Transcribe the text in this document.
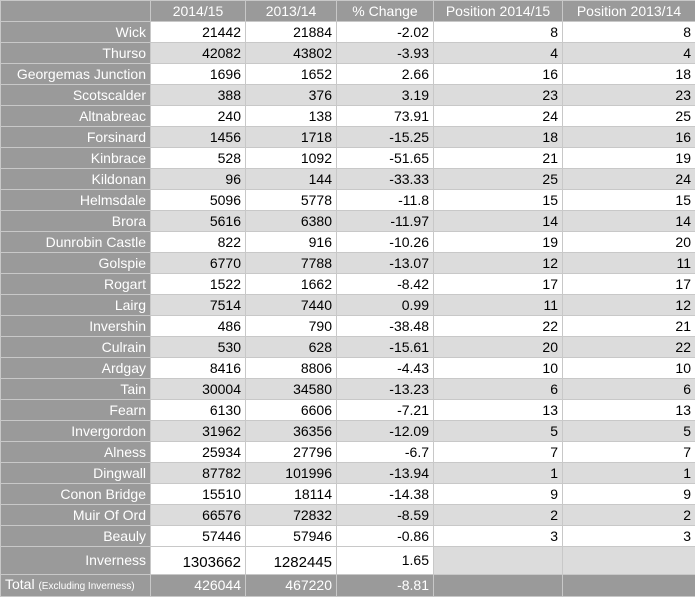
	2014/15	2013/14	% Change	Position 2014/15	Position 2013/14
Wick	21442	21884	-2.02	8	8
Thurso	42082	43802	-3.93	4	4
Georgemas Junction	1696	1652	2.66	16	18
Scotscalder	388	376	3.19	23	23
Altnabreac	240	138	73.91	24	25
Forsinard	1456	1718	-15.25	18	16
Kinbrace	528	1092	-51.65	21	19
Kildonan	96	144	-33.33	25	24
Helmsdale	5096	5778	-11.8	15	15
Brora	5616	6380	-11.97	14	14
Dunrobin Castle	822	916	-10.26	19	20
Golspie	6770	7788	-13.07	12	11
Rogart	1522	1662	-8.42	17	17
Lairg	7514	7440	0.99	11	12
Invershin	486	790	-38.48	22	21
Culrain	530	628	-15.61	20	22
Ardgay	8416	8806	-4.43	10	10
Tain	30004	34580	-13.23	6	6
Fearn	6130	6606	-7.21	13	13
Invergordon	31962	36356	-12.09	5	5
Alness	25934	27796	-6.7	7	7
Dingwall	87782	101996	-13.94	1	1
Conon Bridge	15510	18114	-14.38	9	9
Muir Of Ord	66576	72832	-8.59	2	2
Beauly	57446	57946	-0.86	3	3
Inverness	1303662	1282445	1.65		
Total (Excluding Inverness)	426044	467220	-8.81		
